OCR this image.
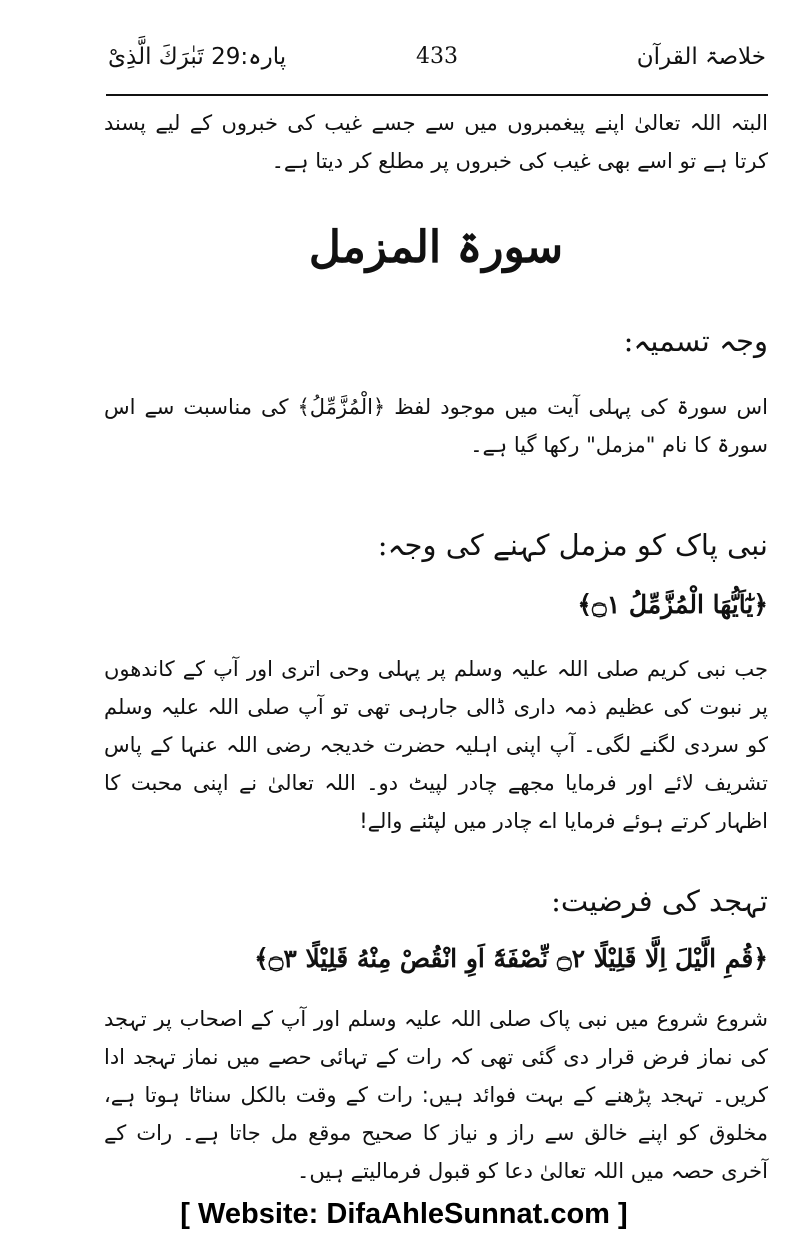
خلاصۃ القرآن
433
پارہ:29 تَبٰرَكَ الَّذِىْ
البتہ اللہ تعالیٰ اپنے پیغمبروں میں سے جسے غیب کی خبروں کے لیے پسند کرتا ہے تو اسے بھی غیب کی خبروں پر مطلع کر دیتا ہے۔
سورۃ المزمل
وجہ تسمیہ:
اس سورۃ کی پہلی آیت میں موجود لفظ ﴿الْمُزَّمِّلُ﴾ کی مناسبت سے اس سورۃ کا نام "مزمل" رکھا گیا ہے۔
نبی پاک کو مزمل کہنے کی وجہ:
﴿يٰٓاَيُّهَا الْمُزَّمِّلُ ۝١﴾
جب نبی کریم صلی اللہ علیہ وسلم پر پہلی وحی اتری اور آپ کے کاندھوں پر نبوت کی عظیم ذمہ داری ڈالی جارہی تھی تو آپ صلی اللہ علیہ وسلم کو سردی لگنے لگی۔ آپ اپنی اہلیہ حضرت خدیجہ رضی اللہ عنہا کے پاس تشریف لائے اور فرمایا مجھے چادر لپیٹ دو۔ اللہ تعالیٰ نے اپنی محبت کا اظہار کرتے ہوئے فرمایا اے چادر میں لپٹنے والے!
تہجد کی فرضیت:
﴿قُمِ الَّيْلَ اِلَّا قَلِيْلًا ۝٢ نِّصْفَهٗٓ اَوِ انْقُصْ مِنْهُ قَلِيْلًا ۝٣﴾
شروع شروع میں نبی پاک صلی اللہ علیہ وسلم اور آپ کے اصحاب پر تہجد کی نماز فرض قرار دی گئی تھی کہ رات کے تہائی حصے میں نماز تہجد ادا کریں۔ تہجد پڑھنے کے بہت فوائد ہیں: رات کے وقت بالکل سناٹا ہوتا ہے، مخلوق کو اپنے خالق سے راز و نیاز کا صحیح موقع مل جاتا ہے۔ رات کے آخری حصہ میں اللہ تعالیٰ دعا کو قبول فرمالیتے ہیں۔
[ Website: DifaAhleSunnat.com ]
